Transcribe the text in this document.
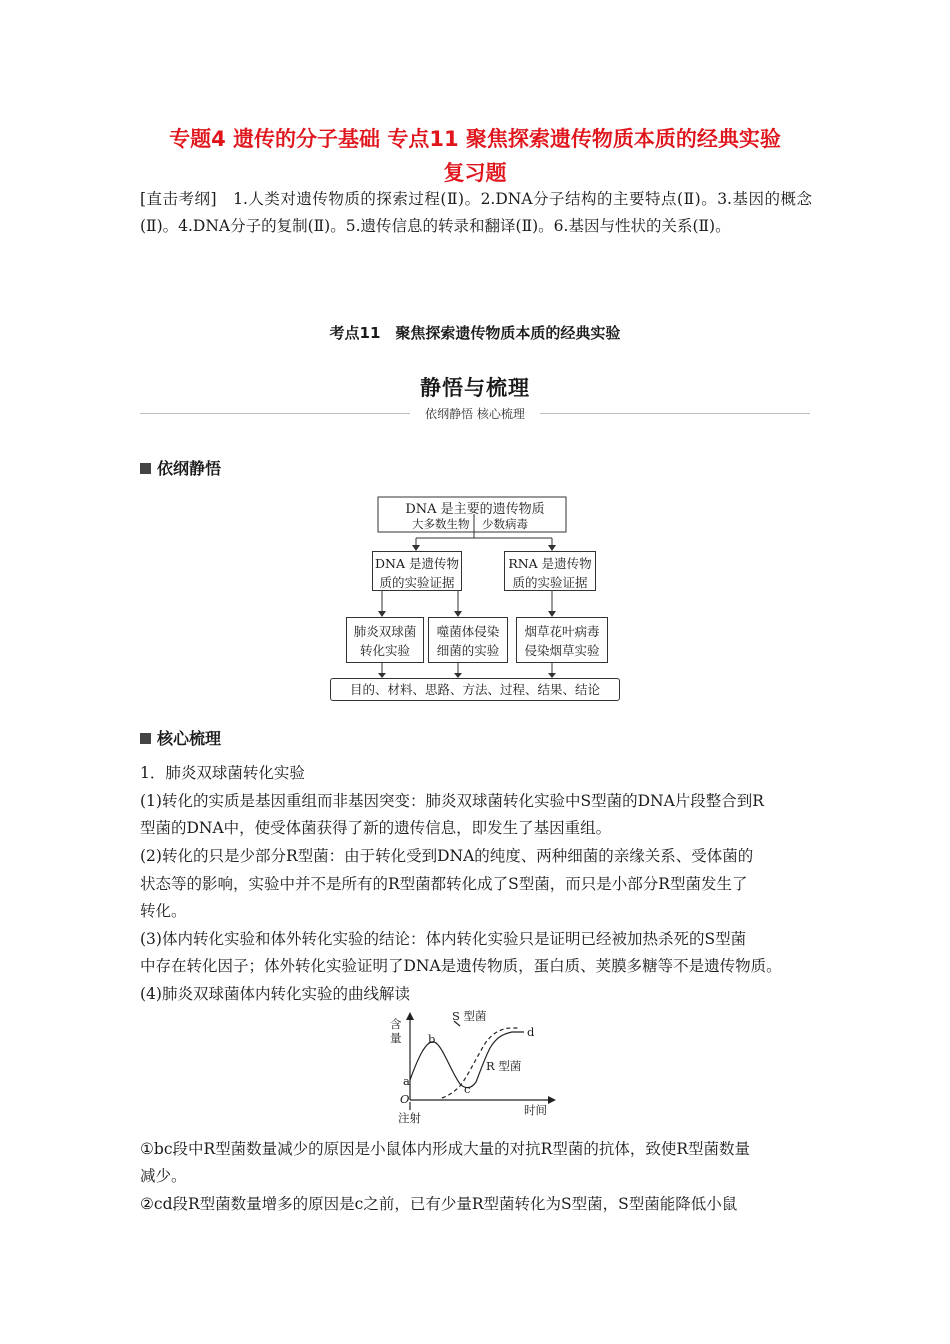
专题4 遗传的分子基础 专点11 聚焦探索遗传物质本质的经典实验
复习题
[直击考纲]　1.人类对遗传物质的探索过程(Ⅱ)。2.DNA分子结构的主要特点(Ⅱ)。3.基因的概念(Ⅱ)。4.DNA分子的复制(Ⅱ)。5.遗传信息的转录和翻译(Ⅱ)。6.基因与性状的关系(Ⅱ)。
考点11　聚焦探索遗传物质本质的经典实验
静悟与梳理
依纲静悟 核心梳理
依纲静悟
DNA 是主要的遗传物质
大多数生物 少数病毒
DNA 是遗传物
质的实验证据
RNA 是遗传物
质的实验证据
肺炎双球菌
转化实验
噬菌体侵染
细菌的实验
烟草花叶病毒
侵染烟草实验
目的、材料、思路、方法、过程、结果、结论
核心梳理
1．肺炎双球菌转化实验
(1)转化的实质是基因重组而非基因突变：肺炎双球菌转化实验中S型菌的DNA片段整合到R
型菌的DNA中，使受体菌获得了新的遗传信息，即发生了基因重组。
(2)转化的只是少部分R型菌：由于转化受到DNA的纯度、两种细菌的亲缘关系、受体菌的
状态等的影响，实验中并不是所有的R型菌都转化成了S型菌，而只是小部分R型菌发生了
转化。
(3)体内转化实验和体外转化实验的结论：体内转化实验只是证明已经被加热杀死的S型菌
中存在转化因子；体外转化实验证明了DNA是遗传物质，蛋白质、荚膜多糖等不是遗传物质。
(4)肺炎双球菌体内转化实验的曲线解读
含
量
S 型菌
R 型菌
b
a
c
d
O
注射
时间
①bc段中R型菌数量减少的原因是小鼠体内形成大量的对抗R型菌的抗体，致使R型菌数量
减少。
②cd段R型菌数量增多的原因是c之前，已有少量R型菌转化为S型菌，S型菌能降低小鼠
